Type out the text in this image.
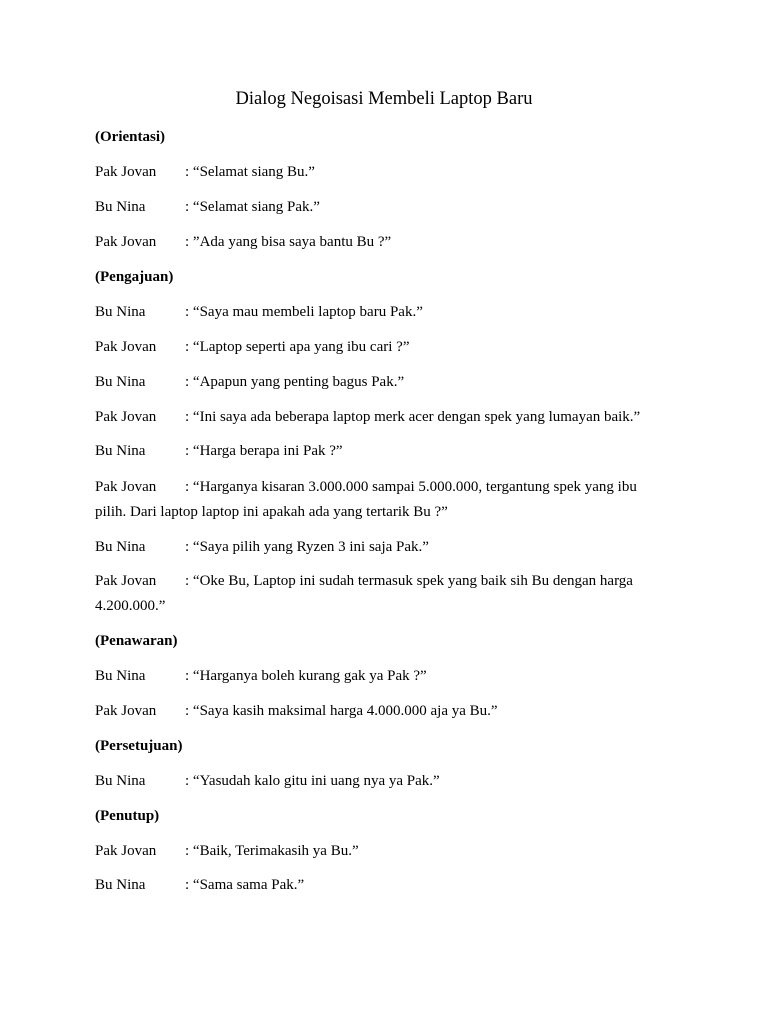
Dialog Negoisasi Membeli Laptop Baru
(Orientasi)
Pak Jovan : “Selamat siang Bu.”
Bu Nina	: “Selamat siang Pak.”
Pak Jovan : ”Ada yang bisa saya bantu Bu ?”
(Pengajuan)
Bu Nina	: “Saya mau membeli laptop baru Pak.”
Pak Jovan : “Laptop seperti apa yang ibu cari ?”
Bu Nina	: “Apapun yang penting bagus Pak.”
Pak Jovan : “Ini saya ada beberapa laptop merk acer dengan spek yang lumayan baik.”
Bu Nina	: “Harga berapa ini Pak ?”
Pak Jovan : “Harganya kisaran 3.000.000 sampai 5.000.000, tergantung spek yang ibu
pilih. Dari laptop laptop ini apakah ada yang tertarik Bu ?”
Bu Nina	: “Saya pilih yang Ryzen 3 ini saja Pak.”
Pak Jovan : “Oke Bu, Laptop ini sudah termasuk spek yang baik sih Bu dengan harga
4.200.000.”
(Penawaran)
Bu Nina	: “Harganya boleh kurang gak ya Pak ?”
Pak Jovan : “Saya kasih maksimal harga 4.000.000 aja ya Bu.”
(Persetujuan)
Bu Nina	: “Yasudah kalo gitu ini uang nya ya Pak.”
(Penutup)
Pak Jovan : “Baik, Terimakasih ya Bu.”
Bu Nina	: “Sama sama Pak.”
